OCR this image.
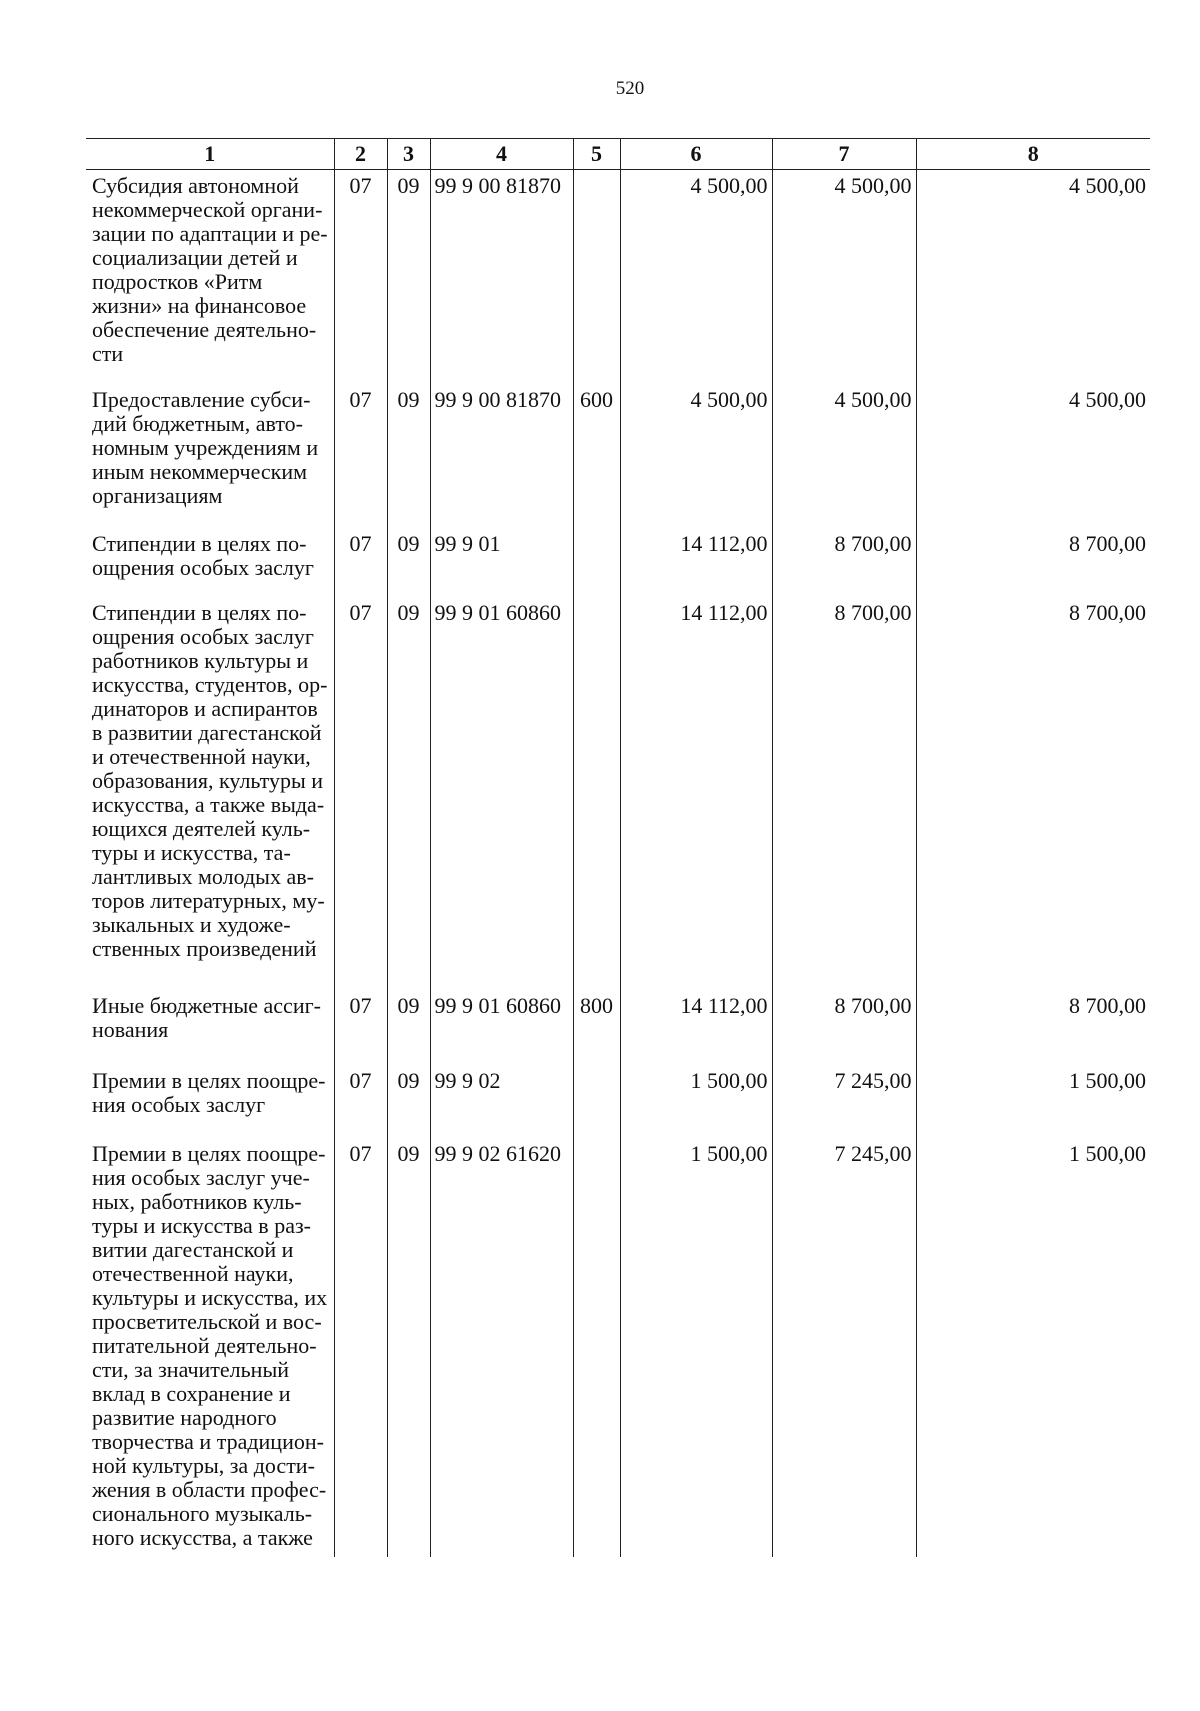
520
1	2	3	4	5	6	7	8
Субсидия автономной некоммерческой органи-зации по адаптации и ре-социализации детей и подростков «Ритм жизни» на финансовое обеспечение деятельно-сти	07	09	99 9 00 81870		4 500,00	4 500,00	4 500,00
Предоставление субси-дий бюджетным, авто-номным учреждениям и иным некоммерческим организациям	07	09	99 9 00 81870	600	4 500,00	4 500,00	4 500,00
Стипендии в целях по-ощрения особых заслуг	07	09	99 9 01		14 112,00	8 700,00	8 700,00
Стипендии в целях по-ощрения особых заслуг работников культуры и искусства, студентов, ор-динаторов и аспирантов в развитии дагестанской и отечественной науки, образования, культуры и искусства, а также выда-ющихся деятелей куль-туры и искусства, та-лантливых молодых ав-торов литературных, му-зыкальных и художе-ственных произведений	07	09	99 9 01 60860		14 112,00	8 700,00	8 700,00
Иные бюджетные ассиг-нования	07	09	99 9 01 60860	800	14 112,00	8 700,00	8 700,00
Премии в целях поощре-ния особых заслуг	07	09	99 9 02		1 500,00	7 245,00	1 500,00
Премии в целях поощре-ния особых заслуг уче-ных, работников куль-туры и искусства в раз-витии дагестанской и отечественной науки, культуры и искусства, их просветительской и вос-питательной деятельно-сти, за значительный вклад в сохранение и развитие народного творчества и традицион-ной культуры, за дости-жения в области профес-сионального музыкаль-ного искусства, а также	07	09	99 9 02 61620		1 500,00	7 245,00	1 500,00
